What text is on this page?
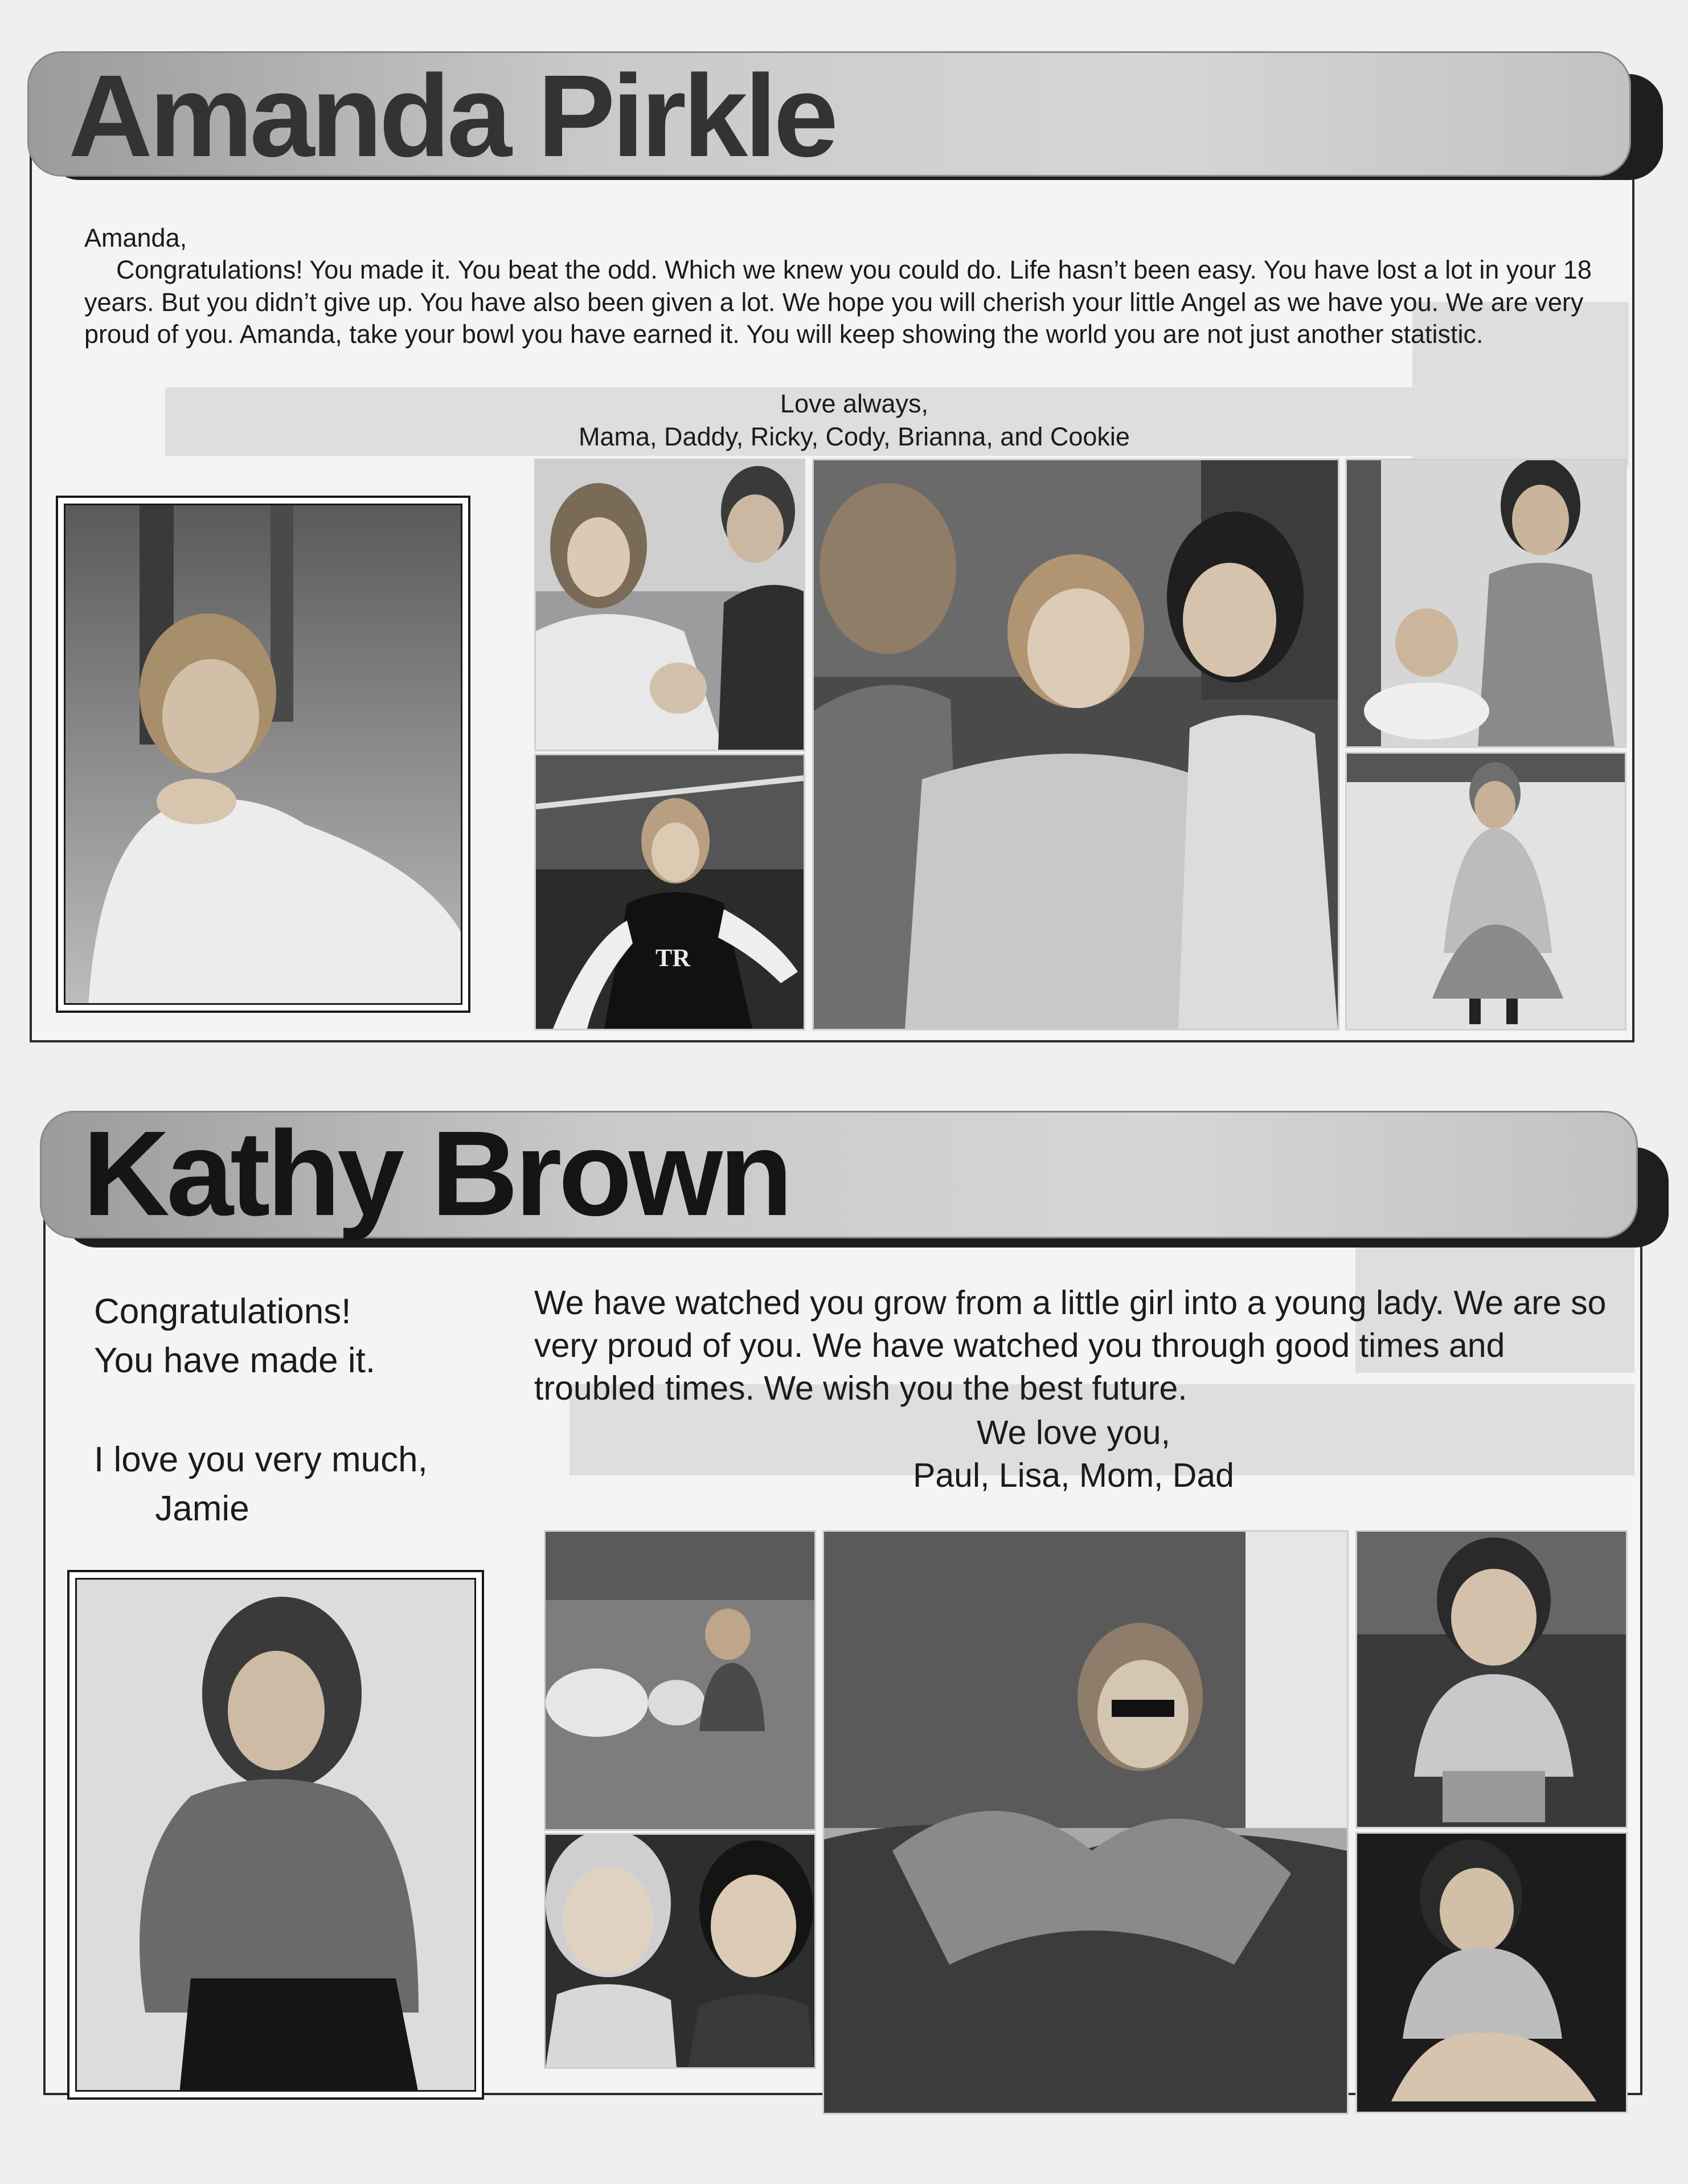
Amanda Pirkle

Amanda,

Congratulations! You made it. You beat the odd. Which we knew you could do. Life hasn’t been easy. You have lost a lot in your 18 years. But you didn’t give up. You have also been given a lot. We hope you will cherish your little Angel as we have you. We are very proud of you. Amanda, take your bowl you have earned it. You will keep showing the world you are not just another statistic.

Love always,
Mama, Daddy, Ricky, Cody, Brianna, and Cookie
TR
Kathy Brown
Congratulations!
You have made it.
I love you very much,
Jamie
We have watched you grow from a little girl into a young lady. We are so very proud of you. We have watched you through good times and troubled times. We wish you the best future.
We love you,
Paul, Lisa, Mom, Dad
